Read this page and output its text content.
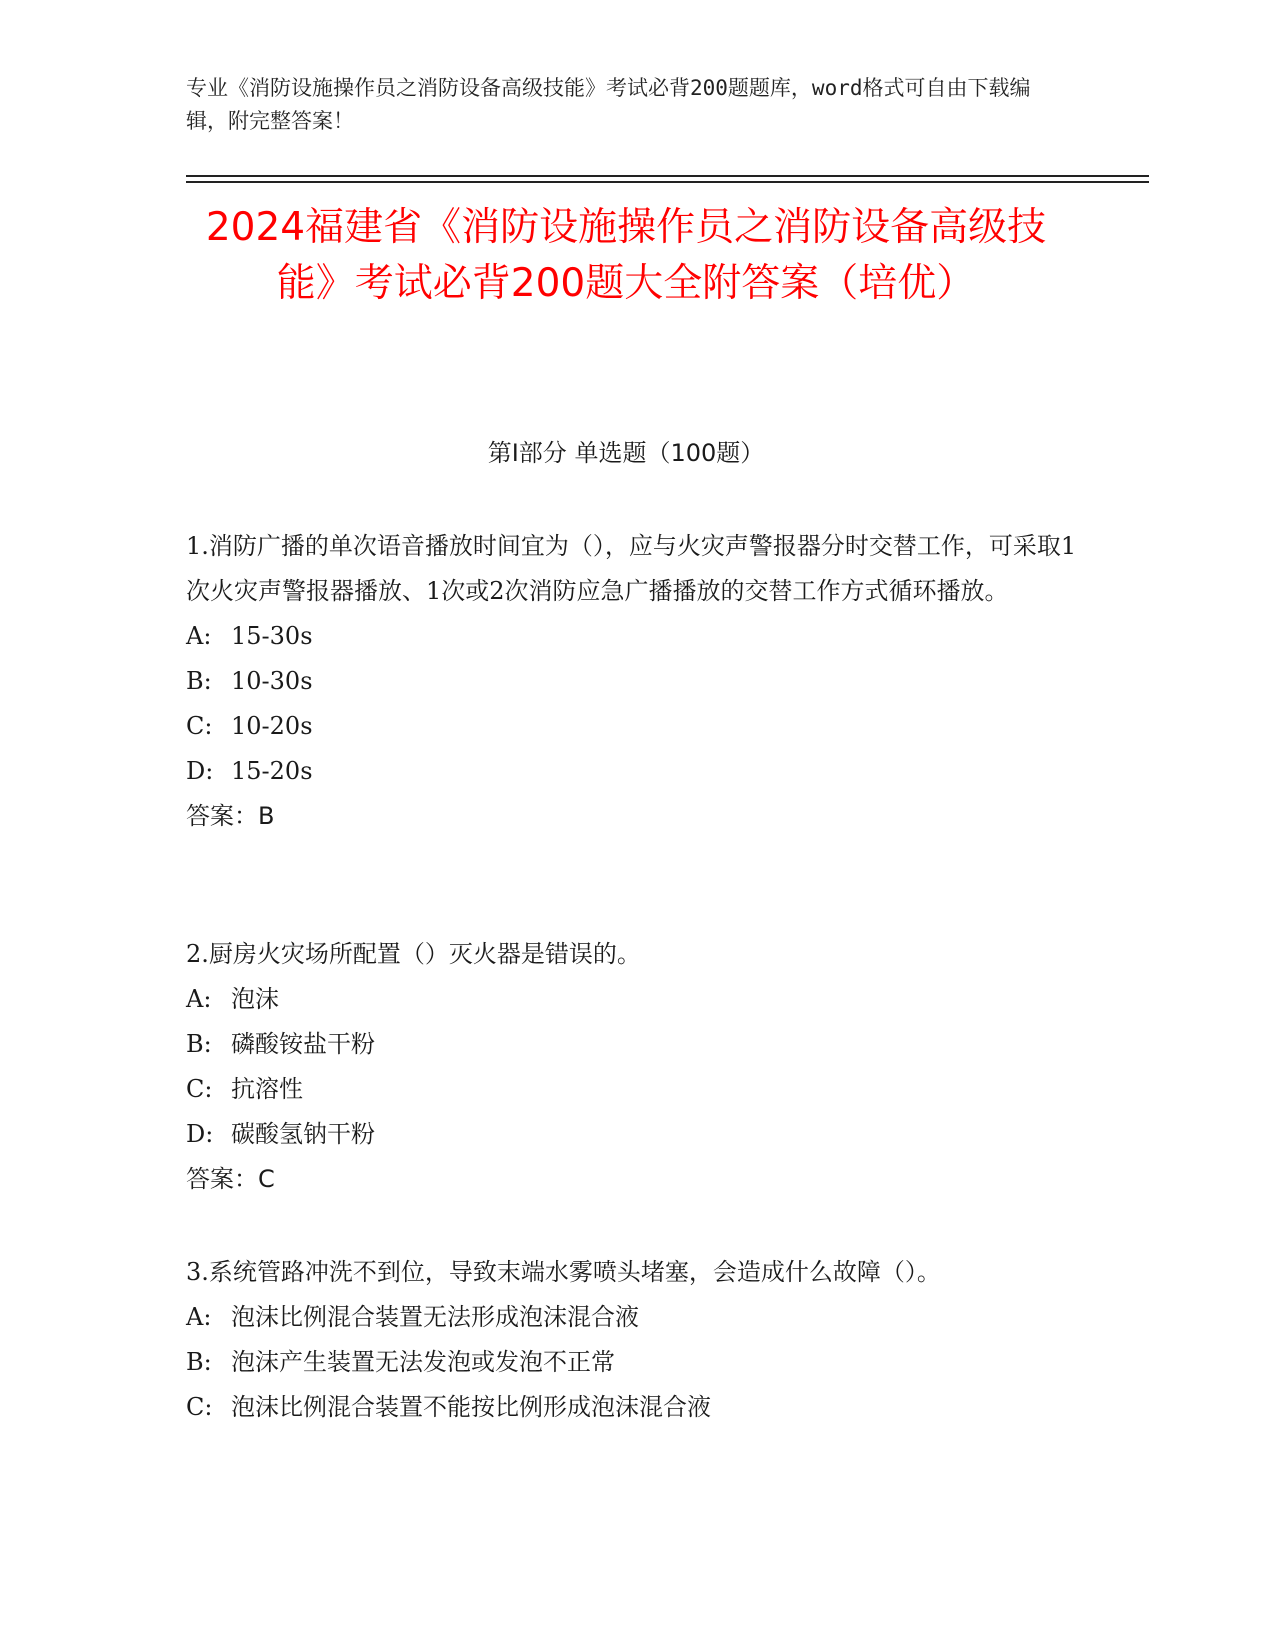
专业《消防设施操作员之消防设备高级技能》考试必背200题题库，word格式可自由下载编辑，附完整答案！
2024福建省《消防设施操作员之消防设备高级技能》考试必背200题大全附答案（培优）
第I部分 单选题（100题）

1.消防广播的单次语音播放时间宜为（），应与火灾声警报器分时交替工作，可采取1次火灾声警报器播放、1次或2次消防应急广播播放的交替工作方式循环播放。

A: 15-30s
B: 10-30s
C: 10-20s
D: 15-20s

答案：B

2.厨房火灾场所配置（）灭火器是错误的。

A: 泡沫
B: 磷酸铵盐干粉
C: 抗溶性
D: 碳酸氢钠干粉

答案：C

3.系统管路冲洗不到位，导致末端水雾喷头堵塞，会造成什么故障（）。

A: 泡沫比例混合装置无法形成泡沫混合液
B: 泡沫产生装置无法发泡或发泡不正常
C: 泡沫比例混合装置不能按比例形成泡沫混合液
